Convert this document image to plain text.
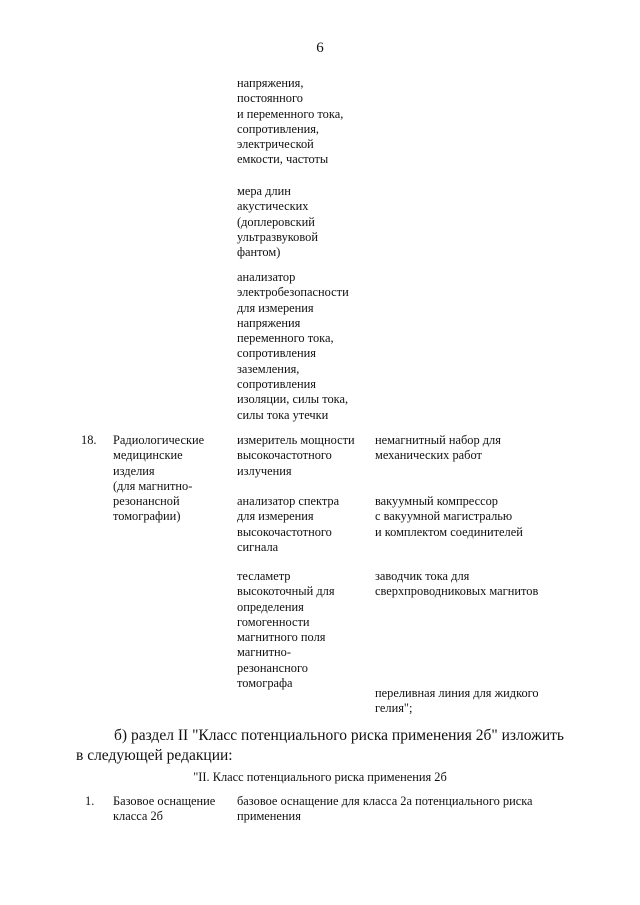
6
напряжения,
постоянного
и переменного тока,
сопротивления,
электрической
емкости, частоты
мера длин
акустических
(доплеровский
ультразвуковой
фантом)
анализатор
электробезопасности
для измерения
напряжения
переменного тока,
сопротивления
заземления,
сопротивления
изоляции, силы тока,
силы тока утечки
18. Радиологические
медицинские
изделия
(для магнитно-
резонансной
томографии)
измеритель мощности
высокочастотного
излучения
анализатор спектра
для измерения
высокочастотного
сигнала
тесламетр
высокоточный для
определения
гомогенности
магнитного поля
магнитно-
резонансного
томографа
немагнитный набор для
механических работ
вакуумный компрессор
с вакуумной магистралью
и комплектом соединителей
заводчик тока для
сверхпроводниковых магнитов
переливная линия для жидкого
гелия";
б) раздел II "Класс потенциального риска применения 2б" изложить
в следующей редакции:
"II. Класс потенциального риска применения 2б
1. Базовое оснащение
класса 2б
базовое оснащение для класса 2а потенциального риска
применения
